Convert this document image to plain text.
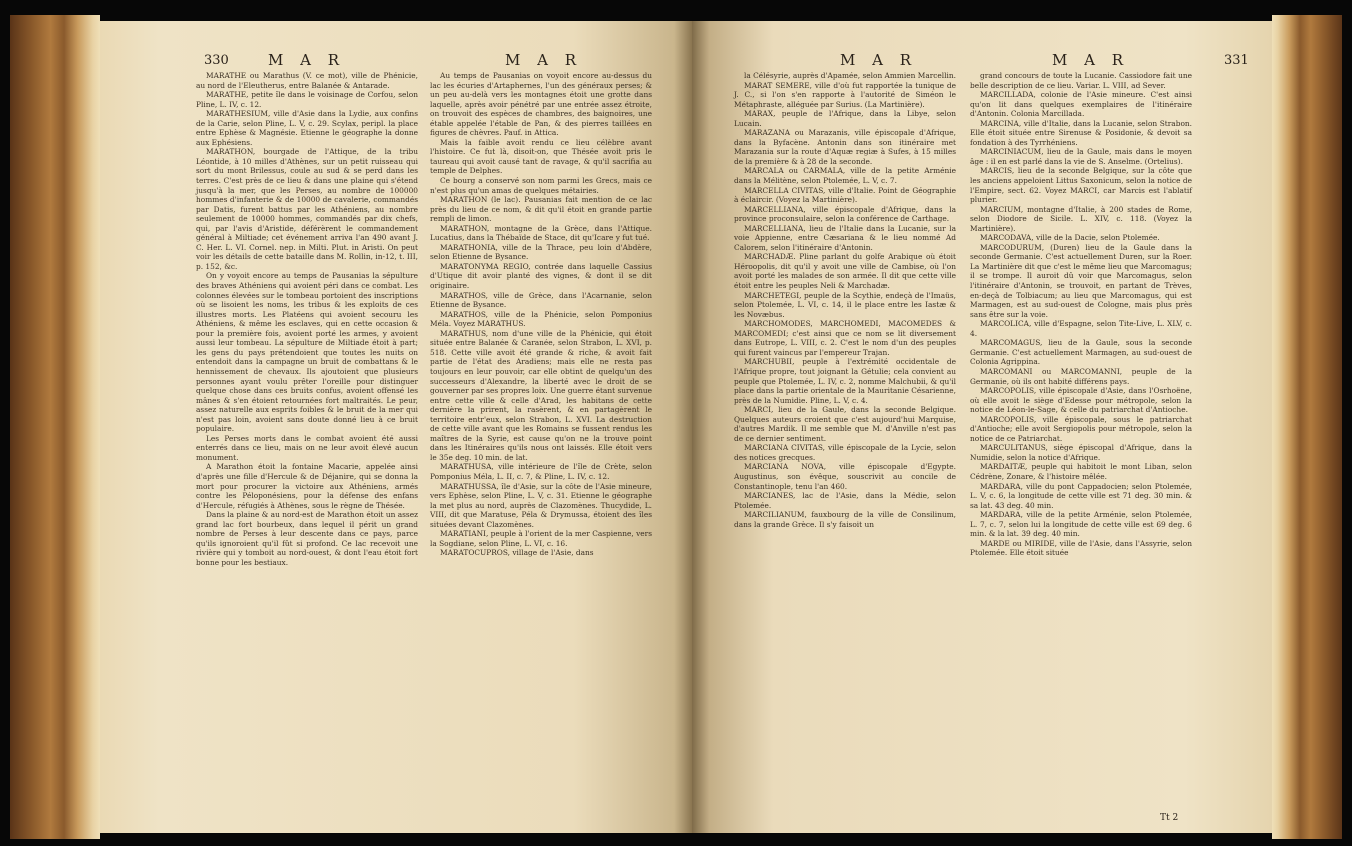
330	M A R	M A R

MARATHE ou Marathus (V. ce mot), ville de Phénicie, au nord de l'Eleutherus, entre Balanée & Antarade.

MARATHE, petite île dans le voisinage de Corfou, selon Pline, L. IV, c. 12.

MARATHESIUM, ville d'Asie dans la Lydie, aux confins de la Carie, selon Pline, L. V, c. 29. Scylax, peripl. la place entre Ephèse & Magnésie. Etienne le géographe la donne aux Ephésiens.

MARATHON, bourgade de l'Attique, de la tribu Léontide, à 10 milles d'Athènes, sur un petit ruisseau qui sort du mont Brilessus, coule au sud & se perd dans les terres. C'est près de ce lieu & dans une plaine qui s'étend jusqu'à la mer, que les Perses, au nombre de 100000 hommes d'infanterie & de 10000 de cavalerie, commandés par Datis, furent battus par les Athéniens, au nombre seulement de 10000 hommes, commandés par dix chefs, qui, par l'avis d'Aristide, déférèrent le commandement général à Miltiade; cet événement arriva l'an 490 avant J. C. Her. L. VI. Cornel. nep. in Milti. Plut. in Aristi. On peut voir les détails de cette bataille dans M. Rollin, in-12, t. III, p. 152, &c.

On y voyoit encore au temps de Pausanias la sépulture des braves Athéniens qui avoient péri dans ce combat. Les colonnes élevées sur le tombeau portoient des inscriptions où se lisoient les noms, les tribus & les exploits de ces illustres morts. Les Platéens qui avoient secouru les Athéniens, & même les esclaves, qui en cette occasion & pour la première fois, avoient porté les armes, y avoient aussi leur tombeau. La sépulture de Miltiade étoit à part; les gens du pays prétendoient que toutes les nuits on entendoit dans la campagne un bruit de combattans & le hennissement de chevaux. Ils ajoutoient que plusieurs personnes ayant voulu prêter l'oreille pour distinguer quelque chose dans ces bruits confus, avoient offensé les mânes & s'en étoient retournées fort maltraités. Le peur, assez naturelle aux esprits foibles & le bruit de la mer qui n'est pas loin, avoient sans doute donné lieu à ce bruit populaire.

Les Perses morts dans le combat avoient été aussi enterrés dans ce lieu, mais on ne leur avoit élevé aucun monument.

A Marathon étoit la fontaine Macarie, appelée ainsi d'après une fille d'Hercule & de Déjanire, qui se donna la mort pour procurer la victoire aux Athéniens, armés contre les Péloponésiens, pour la défense des enfans d'Hercule, réfugiés à Athènes, sous le règne de Thésée.

Dans la plaine & au nord-est de Marathon étoit un assez grand lac fort bourbeux, dans lequel il périt un grand nombre de Perses à leur descente dans ce pays, parce qu'ils ignoroient qu'il fût si profond. Ce lac recevoit une rivière qui y tomboit au nord-ouest, & dont l'eau étoit fort bonne pour les bestiaux.

Au temps de Pausanias on voyoit encore au-dessus du lac les écuries d'Artaphernes, l'un des généraux perses; & un peu au-delà vers les montagnes étoit une grotte dans laquelle, après avoir pénétré par une entrée assez étroite, on trouvoit des espèces de chambres, des baignoires, une étable appelée l'étable de Pan, & des pierres taillées en figures de chèvres. Pauf. in Attica.

Mais la faible avoit rendu ce lieu célèbre avant l'histoire. Ce fut là, disoit-on, que Thésée avoit pris le taureau qui avoit causé tant de ravage, & qu'il sacrifia au temple de Delphes.

Ce bourg a conservé son nom parmi les Grecs, mais ce n'est plus qu'un amas de quelques métairies.

MARATHON (le lac). Pausanias fait mention de ce lac près du lieu de ce nom, & dit qu'il étoit en grande partie rempli de limon.

MARATHON, montagne de la Grèce, dans l'Attique. Lucatius, dans la Thébaïde de Stace, dit qu'Icare y fut tué.

MARATHONIA, ville de la Thrace, peu loin d'Abdère, selon Etienne de Bysance.

MARATONYMA REGIO, contrée dans laquelle Cassius d'Utique dit avoir planté des vignes, & dont il se dit originaire.

MARATHOS, ville de Grèce, dans l'Acarnanie, selon Etienne de Bysance.

MARATHOS, ville de la Phénicie, selon Pomponius Méla. Voyez MARATHUS.

MARATHUS, nom d'une ville de la Phénicie, qui étoit située entre Balanée & Caranée, selon Strabon, L. XVI, p. 518. Cette ville avoit été grande & riche, & avoit fait partie de l'état des Aradiens; mais elle ne resta pas toujours en leur pouvoir, car elle obtint de quelqu'un des successeurs d'Alexandre, la liberté avec le droit de se gouverner par ses propres loix. Une guerre étant survenue entre cette ville & celle d'Arad, les habitans de cette dernière la prirent, la rasèrent, & en partagèrent le territoire entr'eux, selon Strabon, L. XVI. La destruction de cette ville avant que les Romains se fussent rendus les maîtres de la Syrie, est cause qu'on ne la trouve point dans les Itinéraires qu'ils nous ont laissés. Elle étoit vers le 35e deg. 10 min. de lat.

MARATHUSA, ville intérieure de l'île de Crète, selon Pomponius Méla, L. II, c. 7, & Pline, L. IV, c. 12.

MARATHUSSA, île d'Asie, sur la côte de l'Asie mineure, vers Ephèse, selon Pline, L. V, c. 31. Etienne le géographe la met plus au nord, auprès de Clazomènes. Thucydide, L. VIII, dit que Maratuse, Péla & Drymussa, étoient des îles situées devant Clazomènes.

MARATIANI, peuple à l'orient de la mer Caspienne, vers la Sogdiane, selon Pline, L. VI, c. 16.

MARATOCUPROS, village de l'Asie, dans

M A R	M A R	331

la Célésyrie, auprès d'Apamée, selon Ammien Marcellin.

MARAT SEMERE, ville d'où fut rapportée la tunique de J. C., si l'on s'en rapporte à l'autorité de Siméon le Métaphraste, alléguée par Surius. (La Martinière).

MARAX, peuple de l'Afrique, dans la Libye, selon Lucain.

MARAZANA ou Marazanis, ville épiscopale d'Afrique, dans la Byfacène. Antonin dans son itinéraire met Marazania sur la route d'Aquæ regiæ à Sufes, à 15 milles de la première & à 28 de la seconde.

MARCALA ou CARMALA, ville de la petite Arménie dans la Mélitène, selon Ptolemée, L. V, c. 7.

MARCELLA CIVITAS, ville d'Italie. Point de Géographie à éclaircir. (Voyez la Martinière).

MARCELLIANA, ville épiscopale d'Afrique, dans la province proconsulaire, selon la conférence de Carthage.

MARCELLIANA, lieu de l'Italie dans la Lucanie, sur la voie Appienne, entre Cæsariana & le lieu nommé Ad Calorem, selon l'itinéraire d'Antonin.

MARCHADÆ. Pline parlant du golfe Arabique où étoit Héroopolis, dit qu'il y avoit une ville de Cambise, où l'on avoit porté les malades de son armée. Il dit que cette ville étoit entre les peuples Neli & Marchadæ.

MARCHETEGI, peuple de la Scythie, endeçà de l'Imaüs, selon Ptolemée, L. VI, c. 14, il le place entre les Iastæ & les Novæbus.

MARCHOMODES, MARCHOMEDI, MACOMEDES & MARCOMEDI; c'est ainsi que ce nom se lit diversement dans Eutrope, L. VIII, c. 2. C'est le nom d'un des peuples qui furent vaincus par l'empereur Trajan.

MARCHUBII, peuple à l'extrémité occidentale de l'Afrique propre, tout joignant la Gétulie; cela convient au peuple que Ptolemée, L. IV, c. 2, nomme Malchubii, & qu'il place dans la partie orientale de la Mauritanie Césarienne, près de la Numidie. Pline, L. V, c. 4.

MARCI, lieu de la Gaule, dans la seconde Belgique. Quelques auteurs croient que c'est aujourd'hui Marquise, d'autres Mardik. Il me semble que M. d'Anville n'est pas de ce dernier sentiment.

MARCIANA CIVITAS, ville épiscopale de la Lycie, selon des notices grecques.

MARCIANA NOVA, ville épiscopale d'Egypte. Augustinus, son évêque, souscrivit au concile de Constantinople, tenu l'an 460.

MARCIANES, lac de l'Asie, dans la Médie, selon Ptolemée.

MARCILIANUM, fauxbourg de la ville de Consilinum, dans la grande Grèce. Il s'y faisoit un

grand concours de toute la Lucanie. Cassiodore fait une belle description de ce lieu. Variar. L. VIII, ad Sever.

MARCILLADA, colonie de l'Asie mineure. C'est ainsi qu'on lit dans quelques exemplaires de l'itinéraire d'Antonin. Colonia Marcillada.

MARCINA, ville d'Italie, dans la Lucanie, selon Strabon. Elle étoit située entre Sirenuse & Posidonie, & devoit sa fondation à des Tyrrhéniens.

MARCINIACUM, lieu de la Gaule, mais dans le moyen âge : il en est parlé dans la vie de S. Anselme. (Ortelius).

MARCIS, lieu de la seconde Belgique, sur la côte que les anciens appeloient Littus Saxonicum, selon la notice de l'Empire, sect. 62. Voyez MARCI, car Marcis est l'ablatif plurier.

MARCIUM, montagne d'Italie, à 200 stades de Rome, selon Diodore de Sicile. L. XIV, c. 118. (Voyez la Martinière).

MARCODAVA, ville de la Dacie, selon Ptolemée.

MARCODURUM, (Duren) lieu de la Gaule dans la seconde Germanie. C'est actuellement Duren, sur la Roer. La Martinière dit que c'est le même lieu que Marcomagus; il se trompe. Il auroit dû voir que Marcomagus, selon l'itinéraire d'Antonin, se trouvoit, en partant de Trèves, en-deçà de Tolbiacum; au lieu que Marcomagus, qui est Marmagen, est au sud-ouest de Cologne, mais plus près sans être sur la voie.

MARCOLICA, ville d'Espagne, selon Tite-Live, L. XLV, c. 4.

MARCOMAGUS, lieu de la Gaule, sous la seconde Germanie. C'est actuellement Marmagen, au sud-ouest de Colonia Agrippina.

MARCOMANI ou MARCOMANNI, peuple de la Germanie, où ils ont habité différens pays.

MARCOPOLIS, ville épiscopale d'Asie, dans l'Osrhoëne, où elle avoit le siège d'Edesse pour métropole, selon la notice de Léon-le-Sage, & celle du patriarchat d'Antioche.

MARCOPOLIS, ville épiscopale, sous le patriarchat d'Antioche; elle avoit Sergiopolis pour métropole, selon la notice de ce Patriarchat.

MARCULITANUS, siège épiscopal d'Afrique, dans la Numidie, selon la notice d'Afrique.

MARDAITÆ, peuple qui habitoit le mont Liban, selon Cédrène, Zonare, & l'histoire mêlée.

MARDARA, ville du pont Cappadocien; selon Ptolemée, L. V, c. 6, la longitude de cette ville est 71 deg. 30 min. & sa lat. 43 deg. 40 min.

MARDARA, ville de la petite Arménie, selon Ptolemée, L. 7, c. 7, selon lui la longitude de cette ville est 69 deg. 6 min. & la lat. 39 deg. 40 min.

MARDE ou MIRIDE, ville de l'Asie, dans l'Assyrie, selon Ptolemée. Elle étoit située

Tt 2
